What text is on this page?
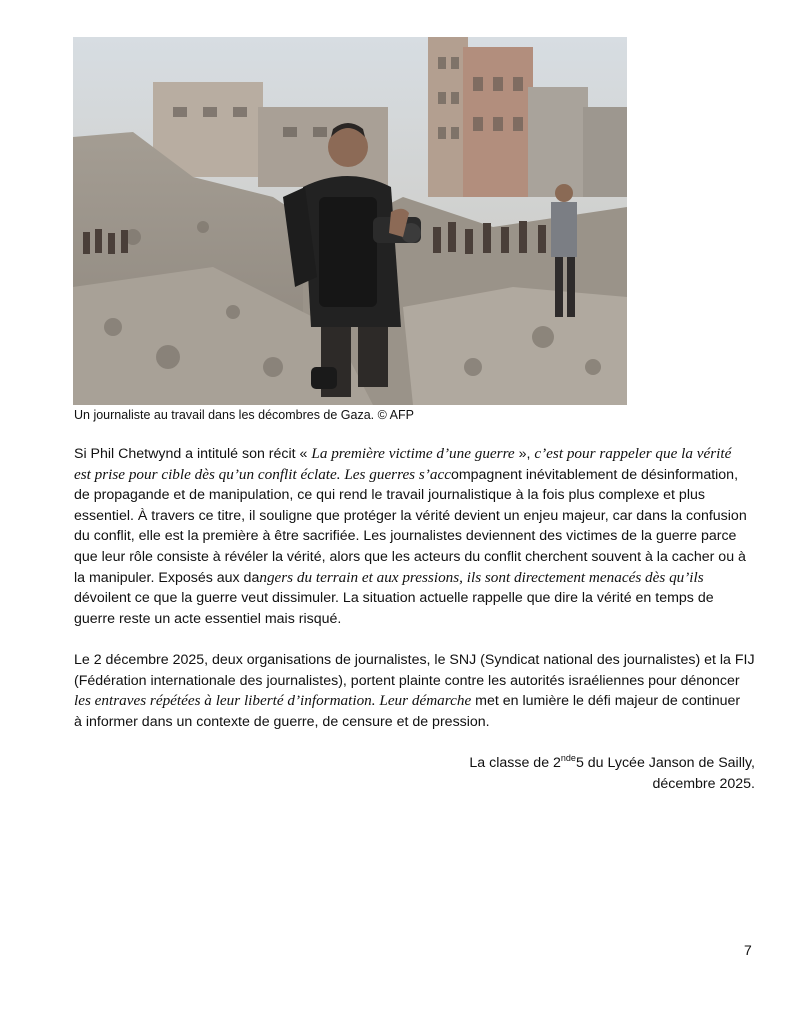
Un journaliste au travail dans les décombres de Gaza. © AFP
Si Phil Chetwynd a intitulé son récit « La première victime d’une guerre », c’est pour rappeler que la vérité
est prise pour cible dès qu’un conflit éclate. Les guerres s’accompagnent inévitablement de désinformation,
de propagande et de manipulation, ce qui rend le travail journalistique à la fois plus complexe et plus
essentiel. À travers ce titre, il souligne que protéger la vérité devient un enjeu majeur, car dans la confusion
du conflit, elle est la première à être sacrifiée. Les journalistes deviennent des victimes de la guerre parce
que leur rôle consiste à révéler la vérité, alors que les acteurs du conflit cherchent souvent à la cacher ou à
la manipuler. Exposés aux dangers du terrain et aux pressions, ils sont directement menacés dès qu’ils
dévoilent ce que la guerre veut dissimuler. La situation actuelle rappelle que dire la vérité en temps de
guerre reste un acte essentiel mais risqué.
Le 2 décembre 2025, deux organisations de journalistes, le SNJ (Syndicat national des journalistes) et la FIJ
(Fédération internationale des journalistes), portent plainte contre les autorités israéliennes pour dénoncer
les entraves répétées à leur liberté d’information. Leur démarche met en lumière le défi majeur de continuer
à informer dans un contexte de guerre, de censure et de pression.
La classe de 2nde5 du Lycée Janson de Sailly,
décembre 2025.
7
